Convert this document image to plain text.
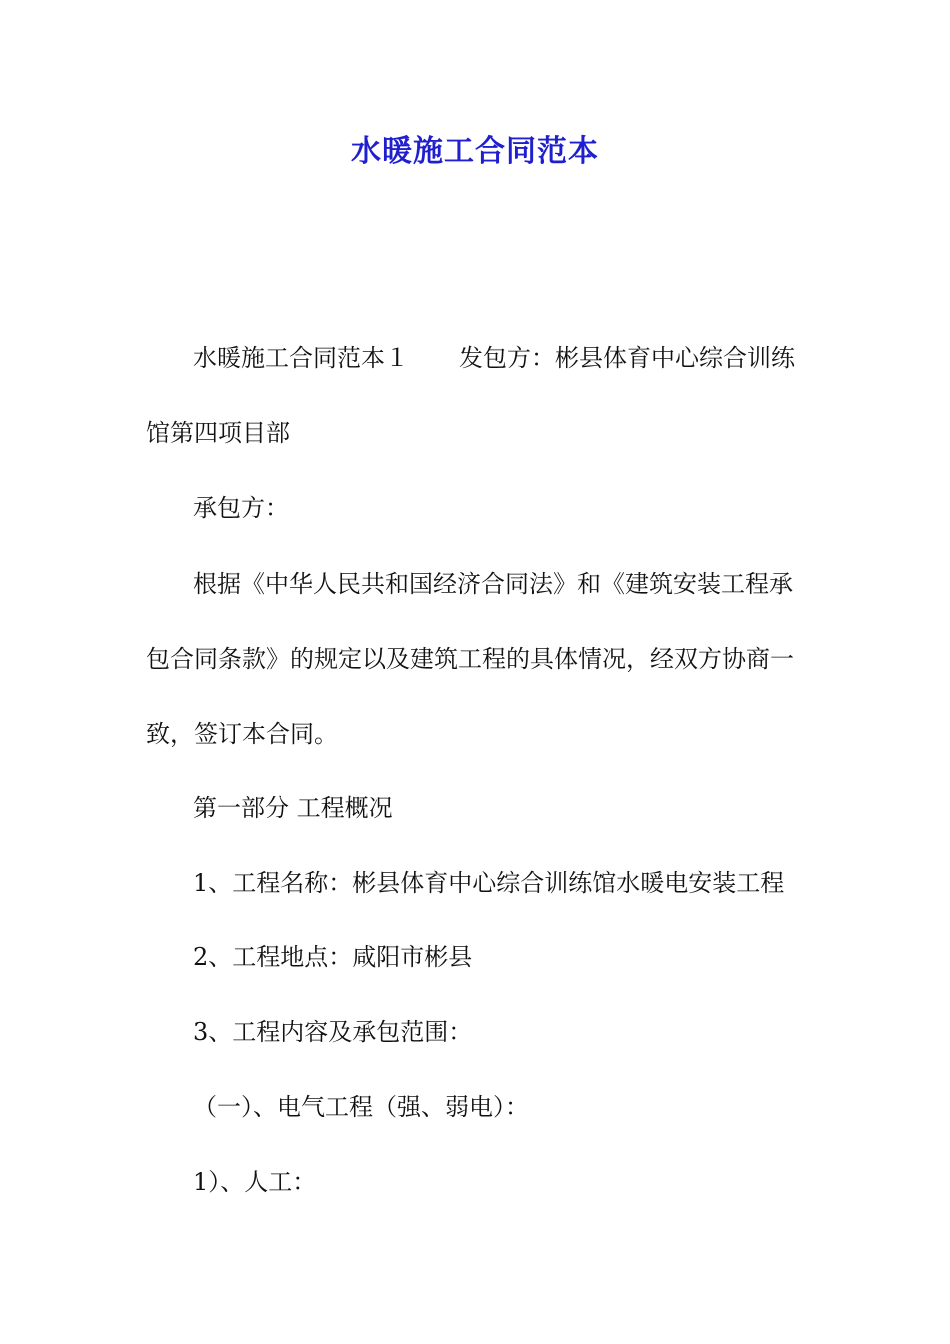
水暖施工合同范本

水暖施工合同范本１ 发包方：彬县体育中心综合训练

馆第四项目部

承包方：

根据《中华人民共和国经济合同法》和《建筑安装工程承

包合同条款》的规定以及建筑工程的具体情况，经双方协商一

致，签订本合同。

第一部分 工程概况

1、工程名称：彬县体育中心综合训练馆水暖电安装工程

2、工程地点：咸阳市彬县

3、工程内容及承包范围：

（一）、电气工程（强、弱电）：

1）、人工：
